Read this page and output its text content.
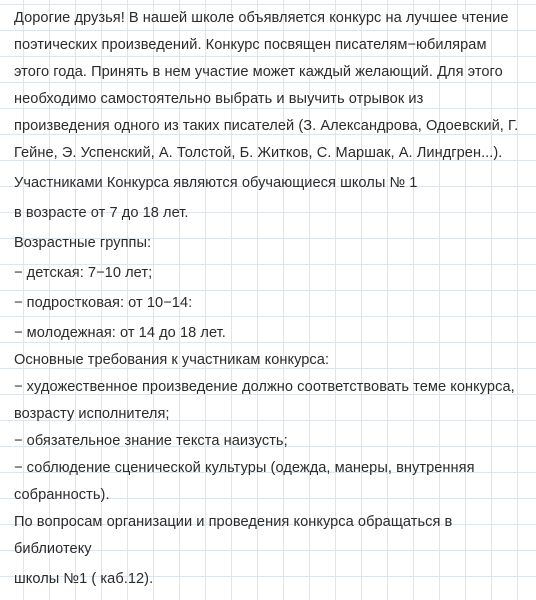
Дорогие друзья! В нашей школе объявляется конкурс на лучшее чтение
поэтических произведений. Конкурс посвящен писателям−юбилярам
этого года. Принять в нем участие может каждый желающий. Для этого
необходимо самостоятельно выбрать и выучить отрывок из
произведения одного из таких писателей (З. Александрова, Одоевский, Г.
Гейне, Э. Успенский, А. Толстой, Б. Житков, С. Маршак, А. Линдгрен...).
Участниками Конкурса являются обучающиеся школы № 1
в возрасте от 7 до 18 лет.
Возрастные группы:
− детская: 7−10 лет;
− подростковая: от 10−14:
− молодежная: от 14 до 18 лет.
Основные требования к участникам конкурса:
− художественное произведение должно соответствовать теме конкурса,
возрасту исполнителя;
− обязательное знание текста наизусть;
− соблюдение сценической культуры (одежда, манеры, внутренняя
собранность).
По вопросам организации и проведения конкурса обращаться в
библиотеку
школы №1 ( каб.12).
